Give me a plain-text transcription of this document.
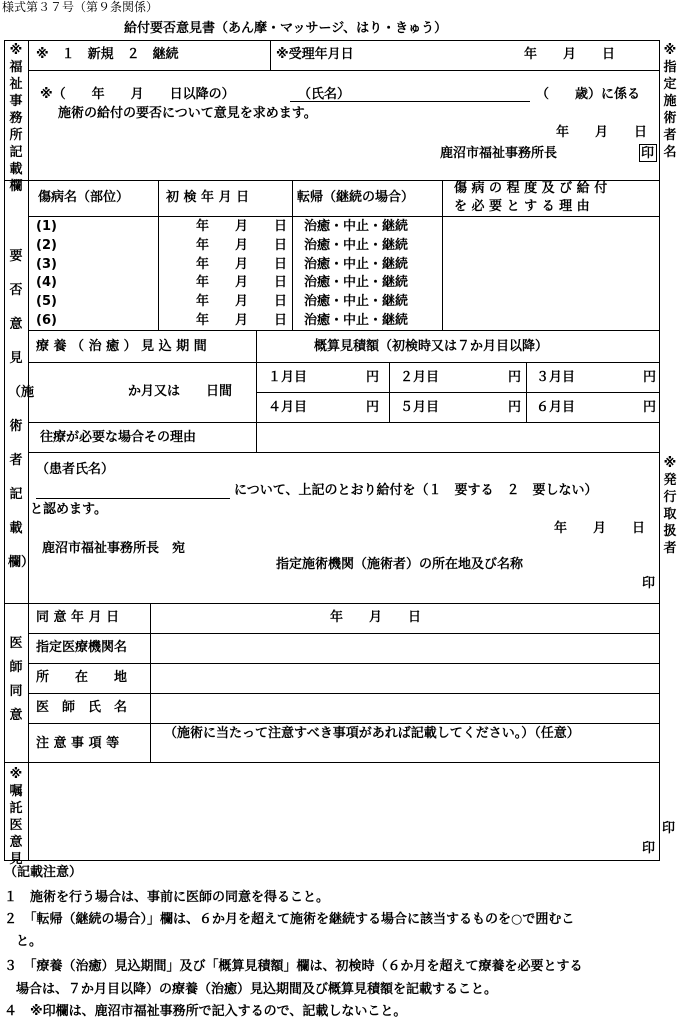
様式第３７号（第９条関係）
給付要否意見書（あん摩・マッサージ、はり・きゅう）
※福祉事務所記載欄
※指定施術者名
要否意見（施術者記載欄）
※発行取扱者
医師同意
※嘱託医意見
印
印
※　１　新規　２　継続	※受理年月日	年　　月　　日
※（　　年　　月　　日以降の）	（氏名）	（　　歳）に係る
施術の給付の要否について意見を求めます。
年　　月　　日
鹿沼市福祉事務所長	印
傷病名（部位）	初 検 年 月 日	転帰（継続の場合）
傷 病 の 程 度 及 び 給 付
を 必 要 と す る 理 由
(1)	年　　月　　日 治癒・中止・継続
(2)	年　　月　　日 治癒・中止・継続
(3)	年　　月　　日 治癒・中止・継続
(4)	年　　月　　日 治癒・中止・継続
(5)	年　　月　　日 治癒・中止・継続
(6)	年　　月　　日 治癒・中止・継続
療 養 （ 治 癒 ） 見 込 期 間	概算見積額（初検時又は７か月目以降）
か月又は　　日間
１月目	円 ２月目	円 ３月目	円
４月目	円 ５月目	円 ６月目	円
往療が必要な場合その理由
（患者氏名）
について、上記のとおり給付を（１　要する　２　要しない）
と認めます。
年　　月　　日
鹿沼市福祉事務所長　宛
指定施術機関（施術者）の所在地及び名称
印
同 意 年 月 日	年　　月　　日
指定医療機関名
所　　在　　地
医　師　氏　名
注 意 事 項 等
（施術に当たって注意すべき事項があれば記載してください。）（任意）
（記載注意）
１　施術を行う場合は、事前に医師の同意を得ること。
２　「転帰（継続の場合）」欄は、６か月を超えて施術を継続する場合に該当するものを○で囲むこ
と。
３　「療養（治癒）見込期間」及び「概算見積額」欄は、初検時（６か月を超えて療養を必要とする
場合は、７か月目以降）の療養（治癒）見込期間及び概算見積額を記載すること。
４　※印欄は、鹿沼市福祉事務所で記入するので、記載しないこと。
